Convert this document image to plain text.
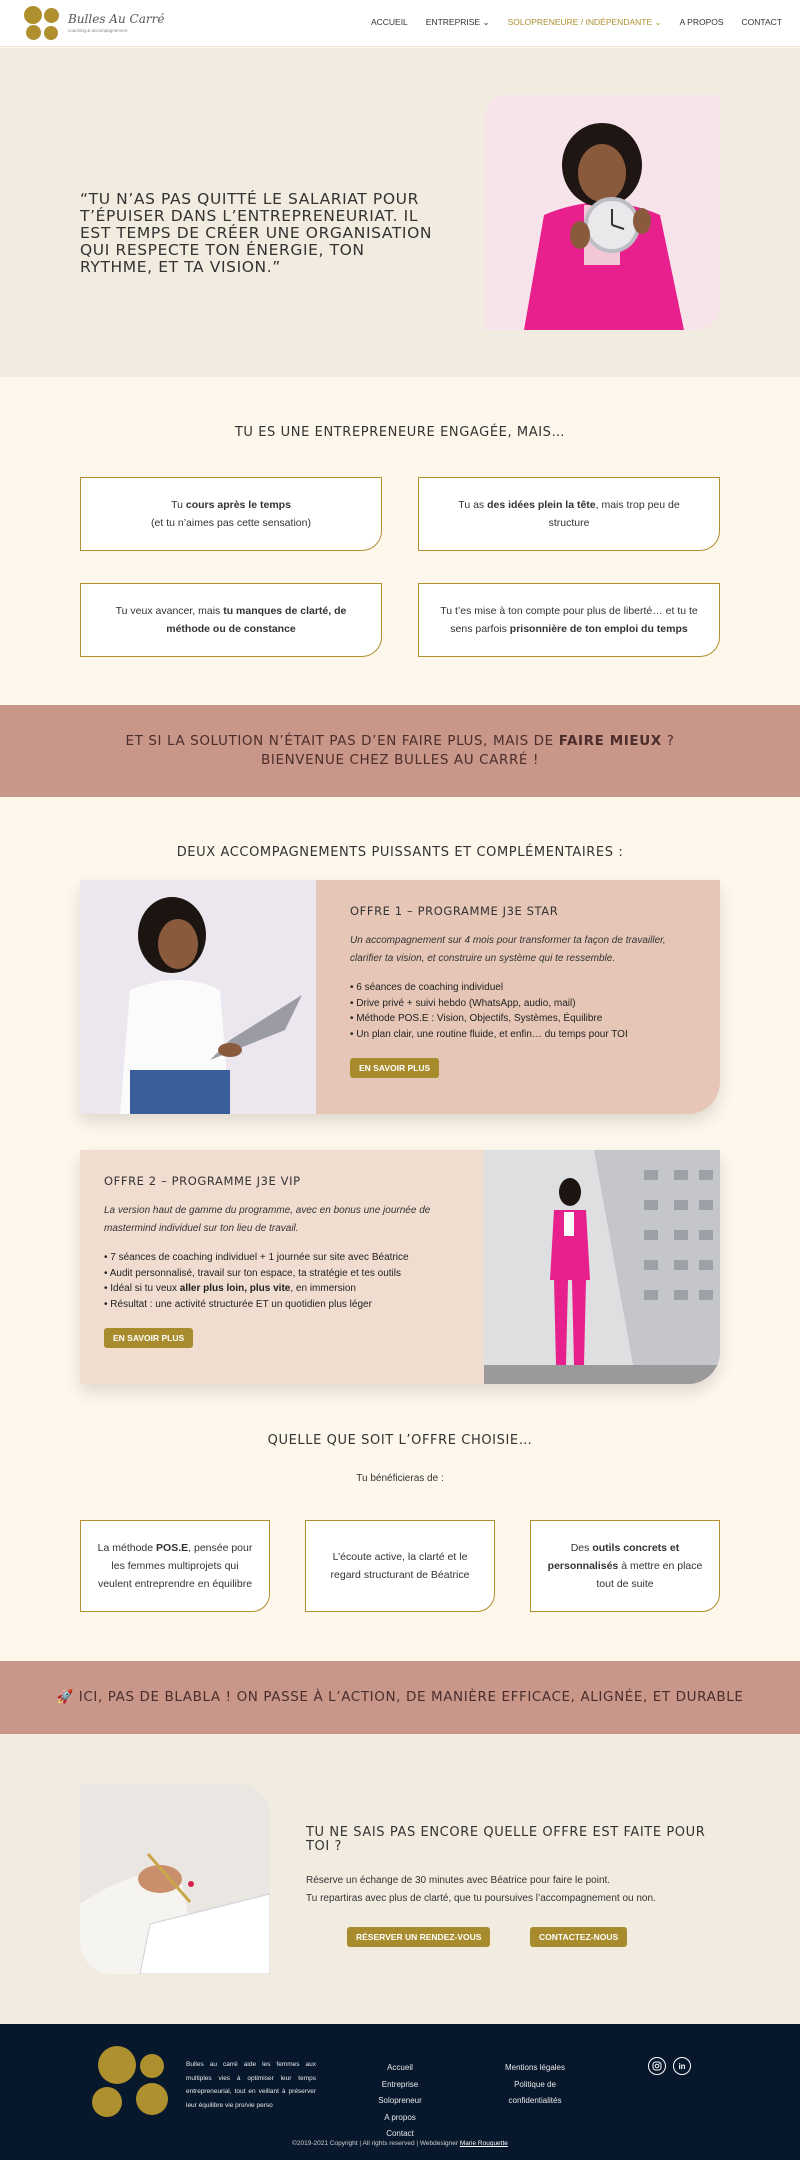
Bulles Au Carré
coaching & accompagnement
ACCUEIL ENTREPRISE ⌄ SOLOPRENEURE / INDÉPENDANTE ⌄ A PROPOS CONTACT
“TU N’AS PAS QUITTÉ LE SALARIAT POUR T’ÉPUISER DANS L’ENTREPRENEURIAT. IL EST TEMPS DE CRÉER UNE ORGANISATION QUI RESPECTE TON ÉNERGIE, TON RYTHME, ET TA VISION.”
TU ES UNE ENTREPRENEURE ENGAGÉE, MAIS…
Tu cours après le temps
(et tu n’aimes pas cette sensation)
Tu as des idées plein la tête, mais trop peu de structure
Tu veux avancer, mais tu manques de clarté, de méthode ou de constance
Tu t’es mise à ton compte pour plus de liberté… et tu te sens parfois prisonnière de ton emploi du temps
ET SI LA SOLUTION N’ÉTAIT PAS D’EN FAIRE PLUS, MAIS DE FAIRE MIEUX ?
BIENVENUE CHEZ BULLES AU CARRÉ !
DEUX ACCOMPAGNEMENTS PUISSANTS ET COMPLÉMENTAIRES :
OFFRE 1 – PROGRAMME J3E STAR
Un accompagnement sur 4 mois pour transformer ta façon de travailler, clarifier ta vision, et construire un système qui te ressemble.
• 6 séances de coaching individuel
• Drive privé + suivi hebdo (WhatsApp, audio, mail)
• Méthode POS.E : Vision, Objectifs, Systèmes, Équilibre
• Un plan clair, une routine fluide, et enfin… du temps pour TOI
EN SAVOIR PLUS
OFFRE 2 – PROGRAMME J3E VIP
La version haut de gamme du programme, avec en bonus une journée de mastermind individuel sur ton lieu de travail.
• 7 séances de coaching individuel + 1 journée sur site avec Béatrice
• Audit personnalisé, travail sur ton espace, ta stratégie et tes outils
• Idéal si tu veux aller plus loin, plus vite, en immersion
• Résultat : une activité structurée ET un quotidien plus léger
EN SAVOIR PLUS
QUELLE QUE SOIT L’OFFRE CHOISIE…
Tu bénéficieras de :
La méthode POS.E, pensée pour les femmes multiprojets qui veulent entreprendre en équilibre
L’écoute active, la clarté et le regard structurant de Béatrice
Des outils concrets et personnalisés à mettre en place tout de suite
🚀 ICI, PAS DE BLABLA ! ON PASSE À L’ACTION, DE MANIÈRE EFFICACE, ALIGNÉE, ET DURABLE
TU NE SAIS PAS ENCORE QUELLE OFFRE EST FAITE POUR TOI ?
Réserve un échange de 30 minutes avec Béatrice pour faire le point.
Tu repartiras avec plus de clarté, que tu poursuives l’accompagnement ou non.
RÉSERVER UN RENDEZ-VOUS	CONTACTEZ-NOUS
Bulles au carré aide les femmes aux multiples vies à optimiser leur temps entrepreneurial, tout en veillant à préserver leur équilibre vie pro/vie perso
Accueil
Entreprise
Solopreneur
A propos
Contact
Mentions légales
Politique de
confidentialités
in
©2019-2021 Copyright | All rights reserved | Webdesigner Marie Rouquette
